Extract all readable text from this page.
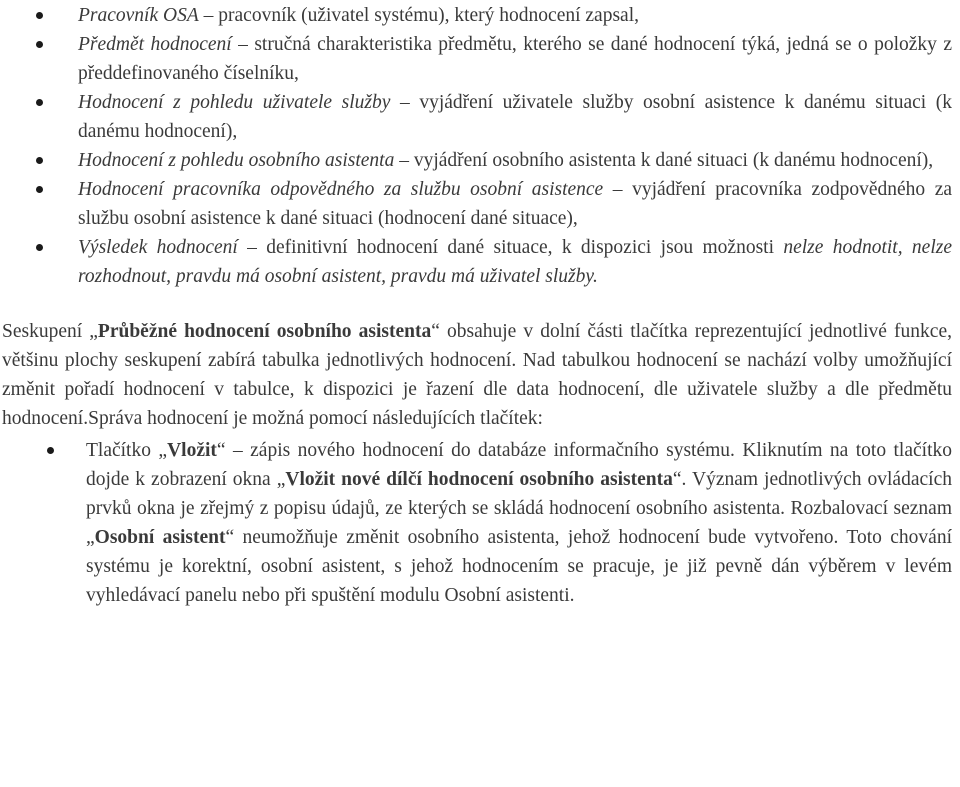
Pracovník OSA – pracovník (uživatel systému), který hodnocení zapsal,
Předmět hodnocení – stručná charakteristika předmětu, kterého se dané hodnocení týká, jedná se o položky z předdefinovaného číselníku,
Hodnocení z pohledu uživatele služby – vyjádření uživatele služby osobní asistence k danému situaci (k danému hodnocení),
Hodnocení z pohledu osobního asistenta – vyjádření osobního asistenta k dané situaci (k danému hodnocení),
Hodnocení pracovníka odpovědného za službu osobní asistence – vyjádření pracovníka zodpovědného za službu osobní asistence k dané situaci (hodnocení dané situace),
Výsledek hodnocení – definitivní hodnocení dané situace, k dispozici jsou možnosti nelze hodnotit, nelze rozhodnout, pravdu má osobní asistent, pravdu má uživatel služby.

Seskupení „Průběžné hodnocení osobního asistenta“ obsahuje v dolní části tlačítka reprezentující jednotlivé funkce, většinu plochy seskupení zabírá tabulka jednotlivých hodnocení. Nad tabulkou hodnocení se nachází volby umožňující změnit pořadí hodnocení v tabulce, k dispozici je řazení dle data hodnocení, dle uživatele služby a dle předmětu hodnocení.Správa hodnocení je možná pomocí následujících tlačítek:

Tlačítko „Vložit“ – zápis nového hodnocení do databáze informačního systému. Kliknutím na toto tlačítko dojde k zobrazení okna „Vložit nové dílčí hodnocení osobního asistenta“. Význam jednotlivých ovládacích prvků okna je zřejmý z popisu údajů, ze kterých se skládá hodnocení osobního asistenta. Rozbalovací seznam „Osobní asistent“ neumožňuje změnit osobního asistenta, jehož hodnocení bude vytvořeno. Toto chování systému je korektní, osobní asistent, s jehož hodnocením se pracuje, je již pevně dán výběrem v levém vyhledávací panelu nebo při spuštění modulu Osobní asistenti.
